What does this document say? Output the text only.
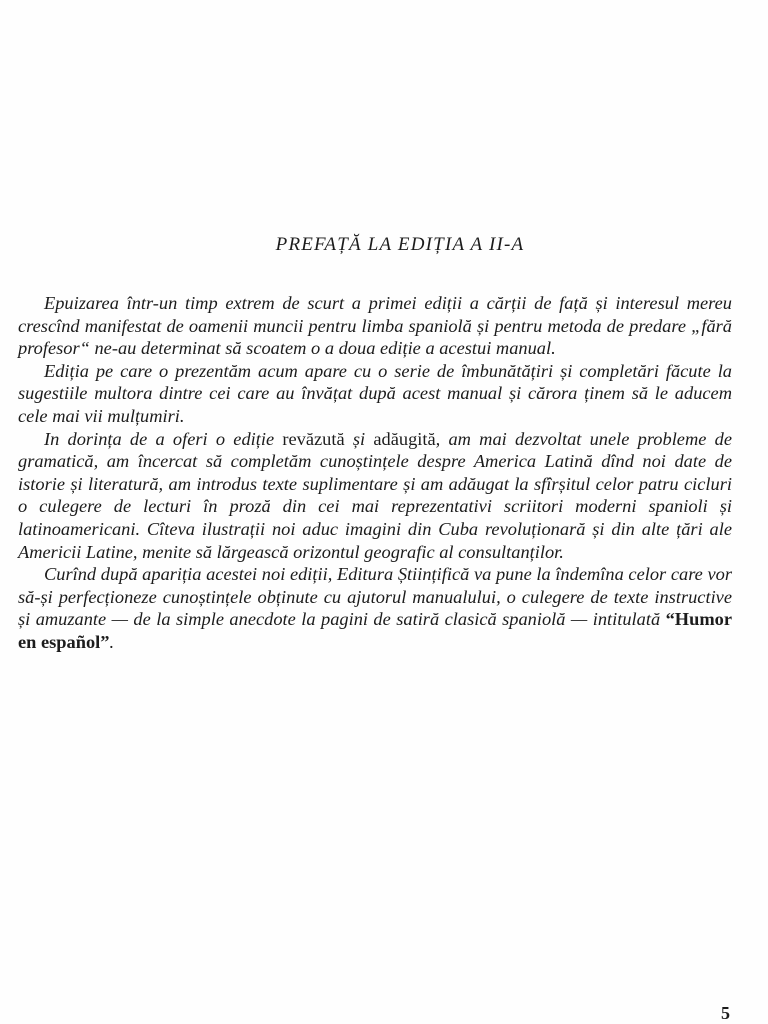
PREFAȚĂ LA EDIȚIA A II-A

Epuizarea într-un timp extrem de scurt a primei ediții a cărții de față și interesul mereu crescînd manifestat de oamenii muncii pentru limba spaniolă și pentru metoda de predare „fără profesor“ ne-au determinat să scoatem o a doua ediție a acestui manual.

Ediția pe care o prezentăm acum apare cu o serie de îmbunătățiri și completări făcute la sugestiile multora dintre cei care au învățat după acest manual și cărora ținem să le aducem cele mai vii mulțumiri.

In dorința de a oferi o ediție revăzută și adăugită, am mai dezvoltat unele probleme de gramatică, am încercat să completăm cunoștințele despre America Latină dînd noi date de istorie și literatură, am introdus texte suplimentare și am adăugat la sfîrșitul celor patru cicluri o culegere de lecturi în proză din cei mai reprezentativi scriitori moderni spanioli și latinoamericani. Cîteva ilustrații noi aduc imagini din Cuba revoluționară și din alte țări ale Americii Latine, menite să lărgească orizontul geografic al consultanților.

Curînd după apariția acestei noi ediții, Editura Științifică va pune la îndemîna celor care vor să-și perfecționeze cunoștințele obținute cu ajutorul manualului, o culegere de texte instructive și amuzante — de la simple anecdote la pagini de satiră clasică spaniolă — intitulată “Humor en español”.

5
